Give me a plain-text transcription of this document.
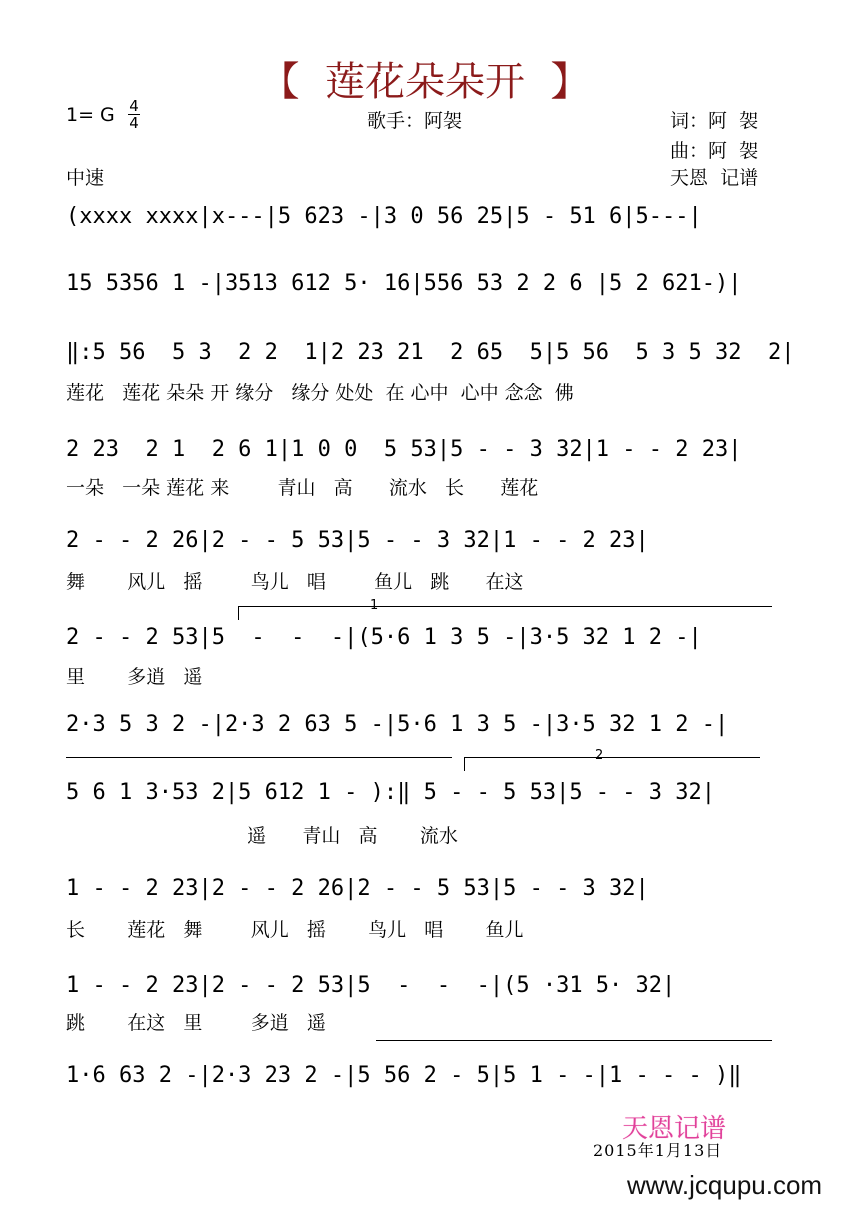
【  莲花朵朵开  】
1= G 4
4	歌手：阿袈	词：阿  袈
曲：阿  袈
中速	天恩  记谱
(xxxx xxxx|x---|5 623 -|3 0 56 25|5 - 51 6|5---|
15 5356 1 -|3513 612 5· 16|556 53 2 2 6 |5 2 621-)|
‖:5 56  5 3  2 2  1|2 23 21  2 65  5|5 56  5 3 5 32  2|
莲花   莲花 朵朵 开 缘分   缘分 处处  在 心中  心中 念念  佛
2 23  2 1  2 6 1|1 0 0  5 53|5 - - 3 32|1 - - 2 23|
一朵   一朵 莲花 来        青山   高      流水   长      莲花
2 - - 2 26|2 - - 5 53|5 - - 3 32|1 - - 2 23|
舞       风儿   摇        鸟儿   唱        鱼儿   跳      在这
1
2 - - 2 53|5  -  -  -|(5·6 1 3 5 -|3·5 32 1 2 -|
里       多逍   遥
2·3 5 3 2 -|2·3 2 63 5 -|5·6 1 3 5 -|3·5 32 1 2 -|
2
5 6 1 3·53 2|5 612 1 - ):‖ 5 - - 5 53|5 - - 3 32|
遥      青山   高       流水
1 - - 2 23|2 - - 2 26|2 - - 5 53|5 - - 3 32|
长       莲花   舞        风儿   摇       鸟儿   唱       鱼儿
1 - - 2 23|2 - - 2 53|5  -  -  -|(5 ·31 5· 32|
跳       在这   里        多逍   遥
1·6 63 2 -|2·3 23 2 -|5 56 2 - 5|5 1 - -|1 - - - )‖
天恩记谱
2015年1月13日
www.jcqupu.com
